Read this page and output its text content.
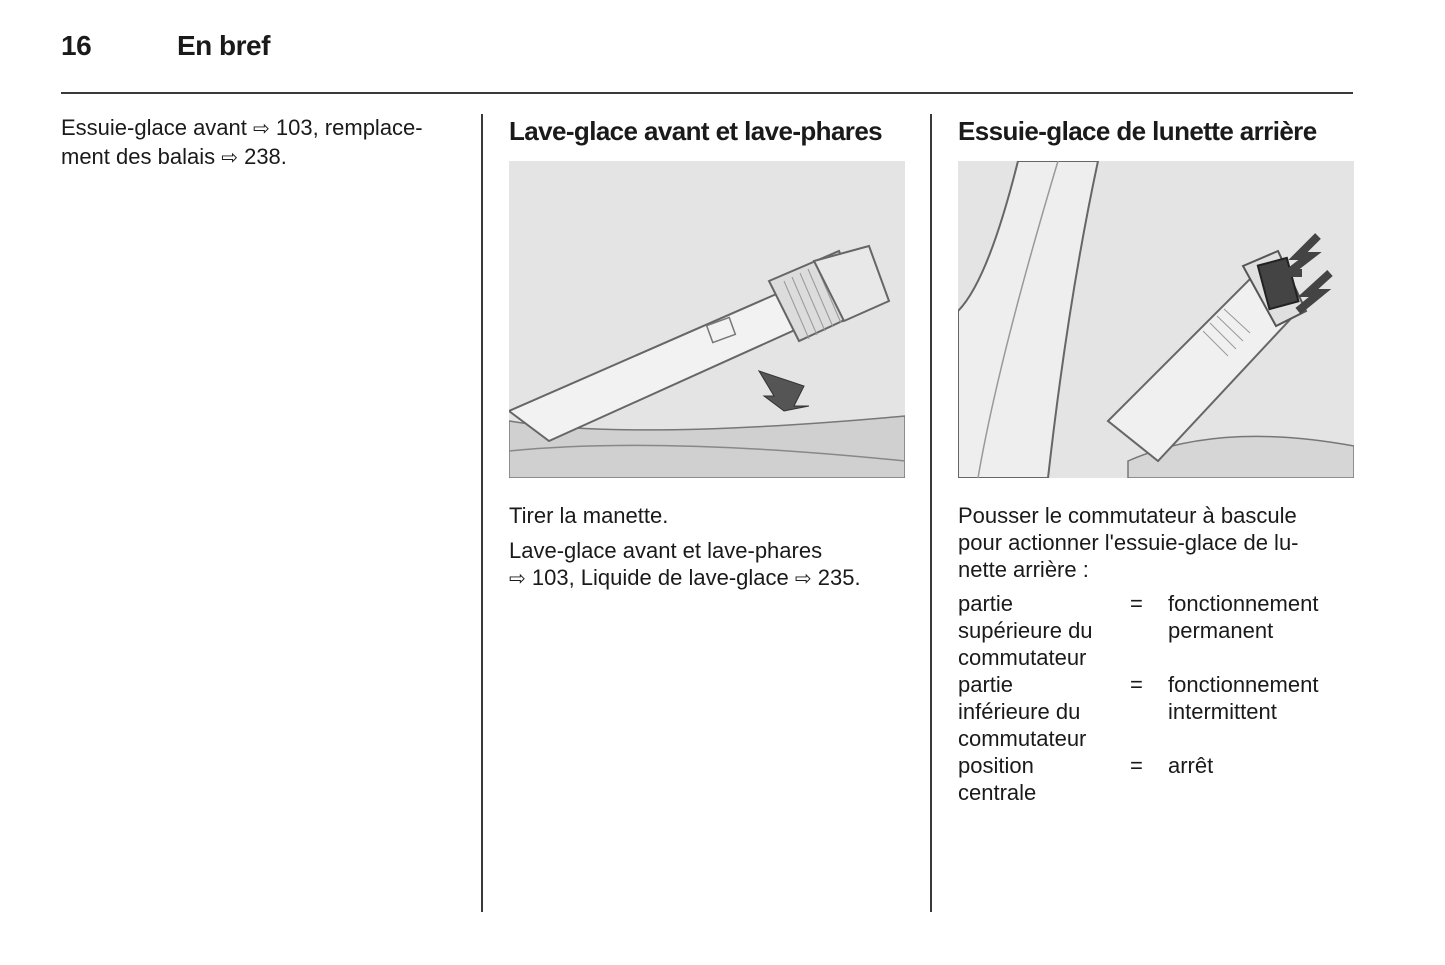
16	En bref

Essuie-glace avant ⇨ 103, remplace-
ment des balais ⇨ 238.

Lave-glace avant et lave-phares

Tirer la manette.

Lave-glace avant et lave-phares
⇨ 103, Liquide de lave-glace ⇨ 235.

Essuie-glace de lunette arrière

Pousser le commutateur à bascule
pour actionner l'essuie-glace de lu-
nette arrière :

partie
supérieure du
commutateur	=	fonctionnement
permanent
partie
inférieure du
commutateur	=	fonctionnement
intermittent
position
centrale	=	arrêt
